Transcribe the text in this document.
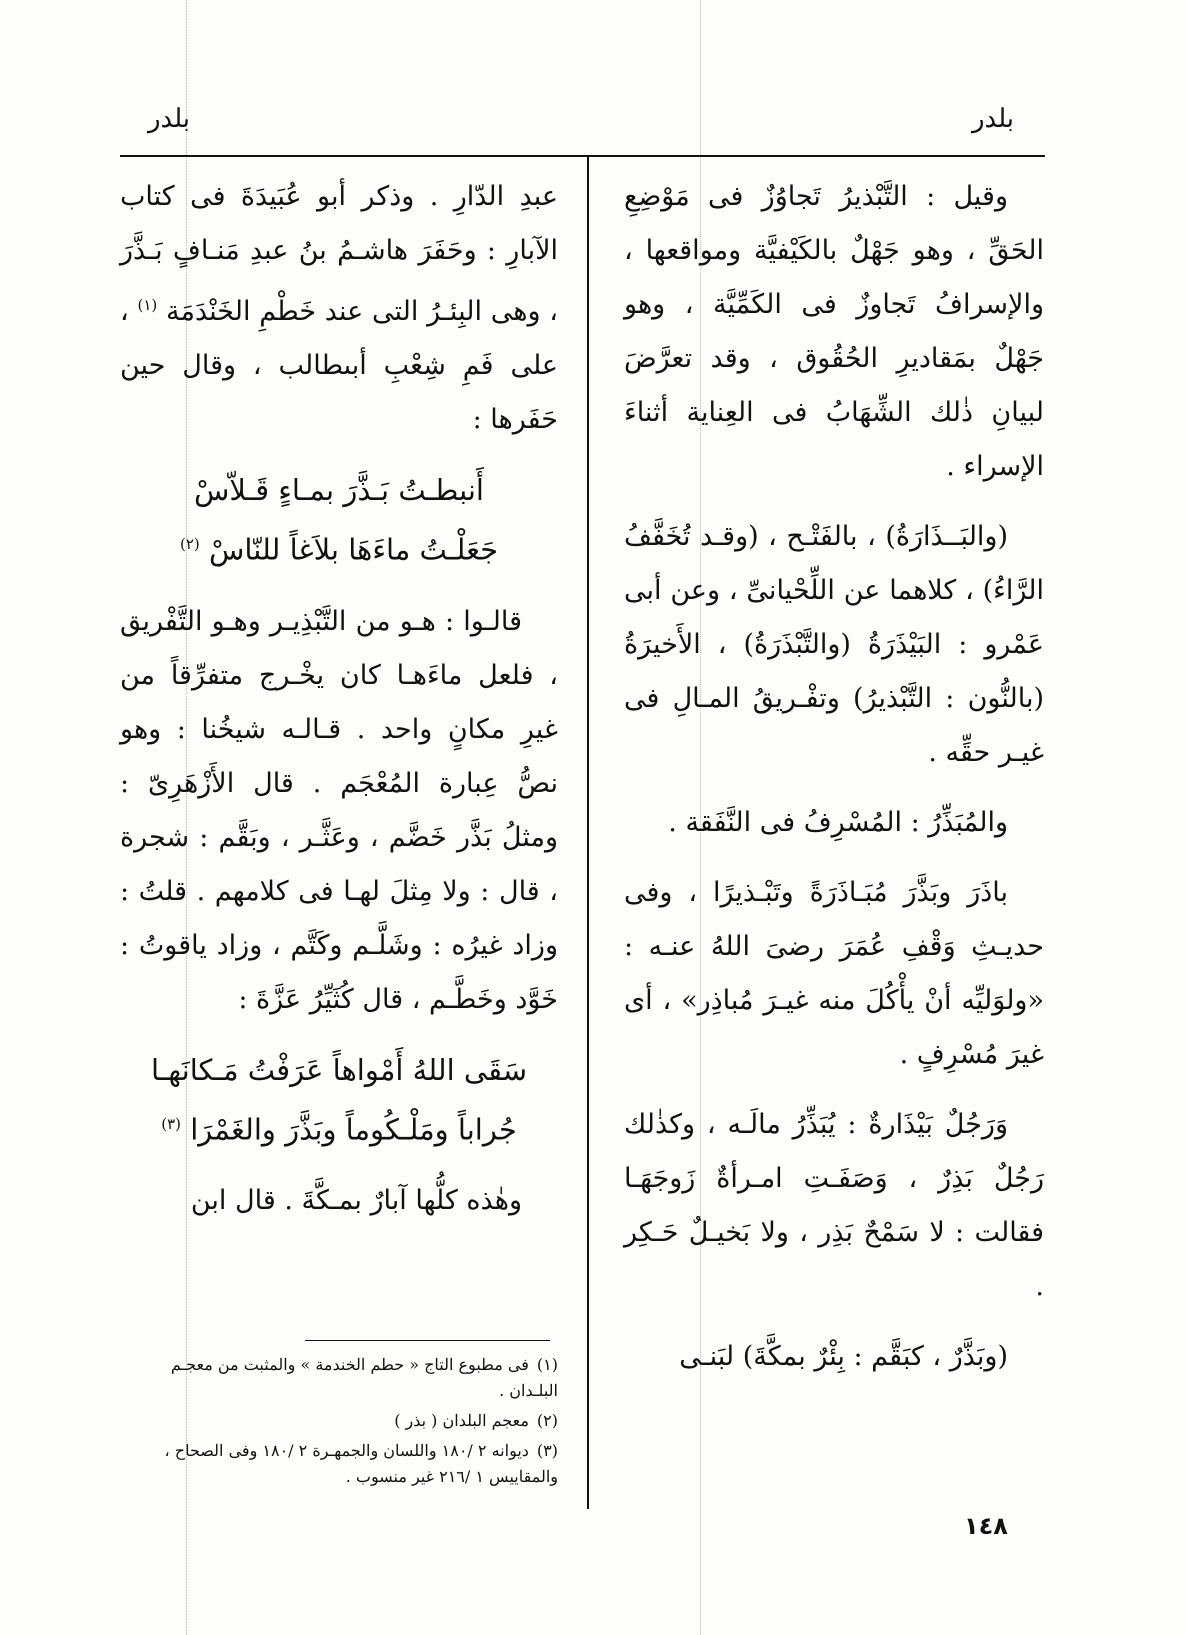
بلدر	بلدر

وقيل : التَّبْذيرُ تَجاوُزٌ فى مَوْضِعِ الحَقِّ ، وهو جَهْلٌ بالكَيْفيَّة ومواقعها ، والإسرافُ تَجاوزٌ فى الكَمِّيَّة ، وهو جَهْلٌ بمَقاديرِ الحُقُوق ، وقد تعرَّضَ لبيانِ ذٰلك الشِّهَابُ فى العِناية أثناءَ الإسراء .

(والبَــذَارَةُ) ، بالفَتْـح ، (وقـد تُخَفَّفُ الرَّاءُ) ، كلاهما عن اللِّحْيانىِّ ، وعن أبى عَمْرو : البَيْذَرَةُ (والتَّبْذَرَةُ) ، الأَخيرَةُ (بالنُّون : التَّبْذيرُ) وتفْـريقُ المـالِ فى غيـر حقِّه .

والمُبَذِّرُ : المُسْرِفُ فى النَّفَقة .

باذَرَ وبَذَّرَ مُبَـاذَرَةً وتَبْـذيرًا ، وفى حديـثِ وَقْفِ عُمَرَ رضىَ اللهُ عنـه : «ولوَليِّه أنْ يأْكُلَ منه غيـرَ مُباذِر» ، أى غيرَ مُسْرِفٍ .

وَرَجُلٌ بَيْذَارةٌ : يُبَذِّرُ مالَـه ، وكذٰلك رَجُلٌ بَذِرٌ ، وَصَفَـتِ امـرأةٌ زَوجَهَـا فقالت : لا سَمْحٌ بَذِر ، ولا بَخيـلٌ حَـكِر .

(وبَذَّرٌ ، كبَقَّم : بِئْرٌ بمكَّةَ) لبَنـى

عبدِ الدّارِ . وذكر أبو عُبَيدَةَ فى كتاب الآبارِ : وحَفَرَ هاشـمُ بنُ عبدِ مَنـافٍ بَـذَّرَ ، وهى البِئـرُ التى عند خَطْمِ الخَنْدَمَة $^{(١)}$ ، على فَمِ شِعْبِ أبىطالب ، وقال حين حَفَرها :

أَنبطـتُ بَـذَّرَ بمـاءٍ قَـلاّسْ
جَعَلْـتُ ماءَهَا بلاَغاً للنّاسْ $^{(٢)}$

قالـوا : هـو من التَّبْذِيـر وهـو التَّفْريق ، فلعل ماءَهـا كان يخْـرج متفرِّقاً من غيرِ مكانٍ واحد . قـالـه شيخُنا : وهو نصُّ عِبارة المُعْجَم . قال الأَزْهَرِىّ : ومثلُ بَذَّر خَضَّم ، وعَثَّـر ، وبَقَّم : شجرة ، قال : ولا مِثلَ لهـا فى كلامهم . قلتُ : وزاد غيرُه : وشَلَّـم وكَتَّم ، وزاد ياقوتُ : خَوَّد وخَطَّـم ، قال كُثَيِّرُ عَزَّةَ :

سَقَى اللهُ أَمْواهاً عَرَفْتُ مَـكانَهـا
جُراباً ومَلْـكُوماً وبَذَّرَ والغَمْرَا $^{(٣)}$

وهٰذه كلُّها آبارٌ بمـكَّةَ . قال ابن

(١)فى مطبوع التاج « حطم الخندمة » والمثبت من معجـم البلـدان .
(٢)معجم البلدان ( بذر )
(٣)ديوانه ٢ /١٨٠ واللسان والجمهـرة ٢ /١٨٠ وفى الصحاح ، والمقاييس ١ /٢١٦ غير منسوب .
١٤٨
